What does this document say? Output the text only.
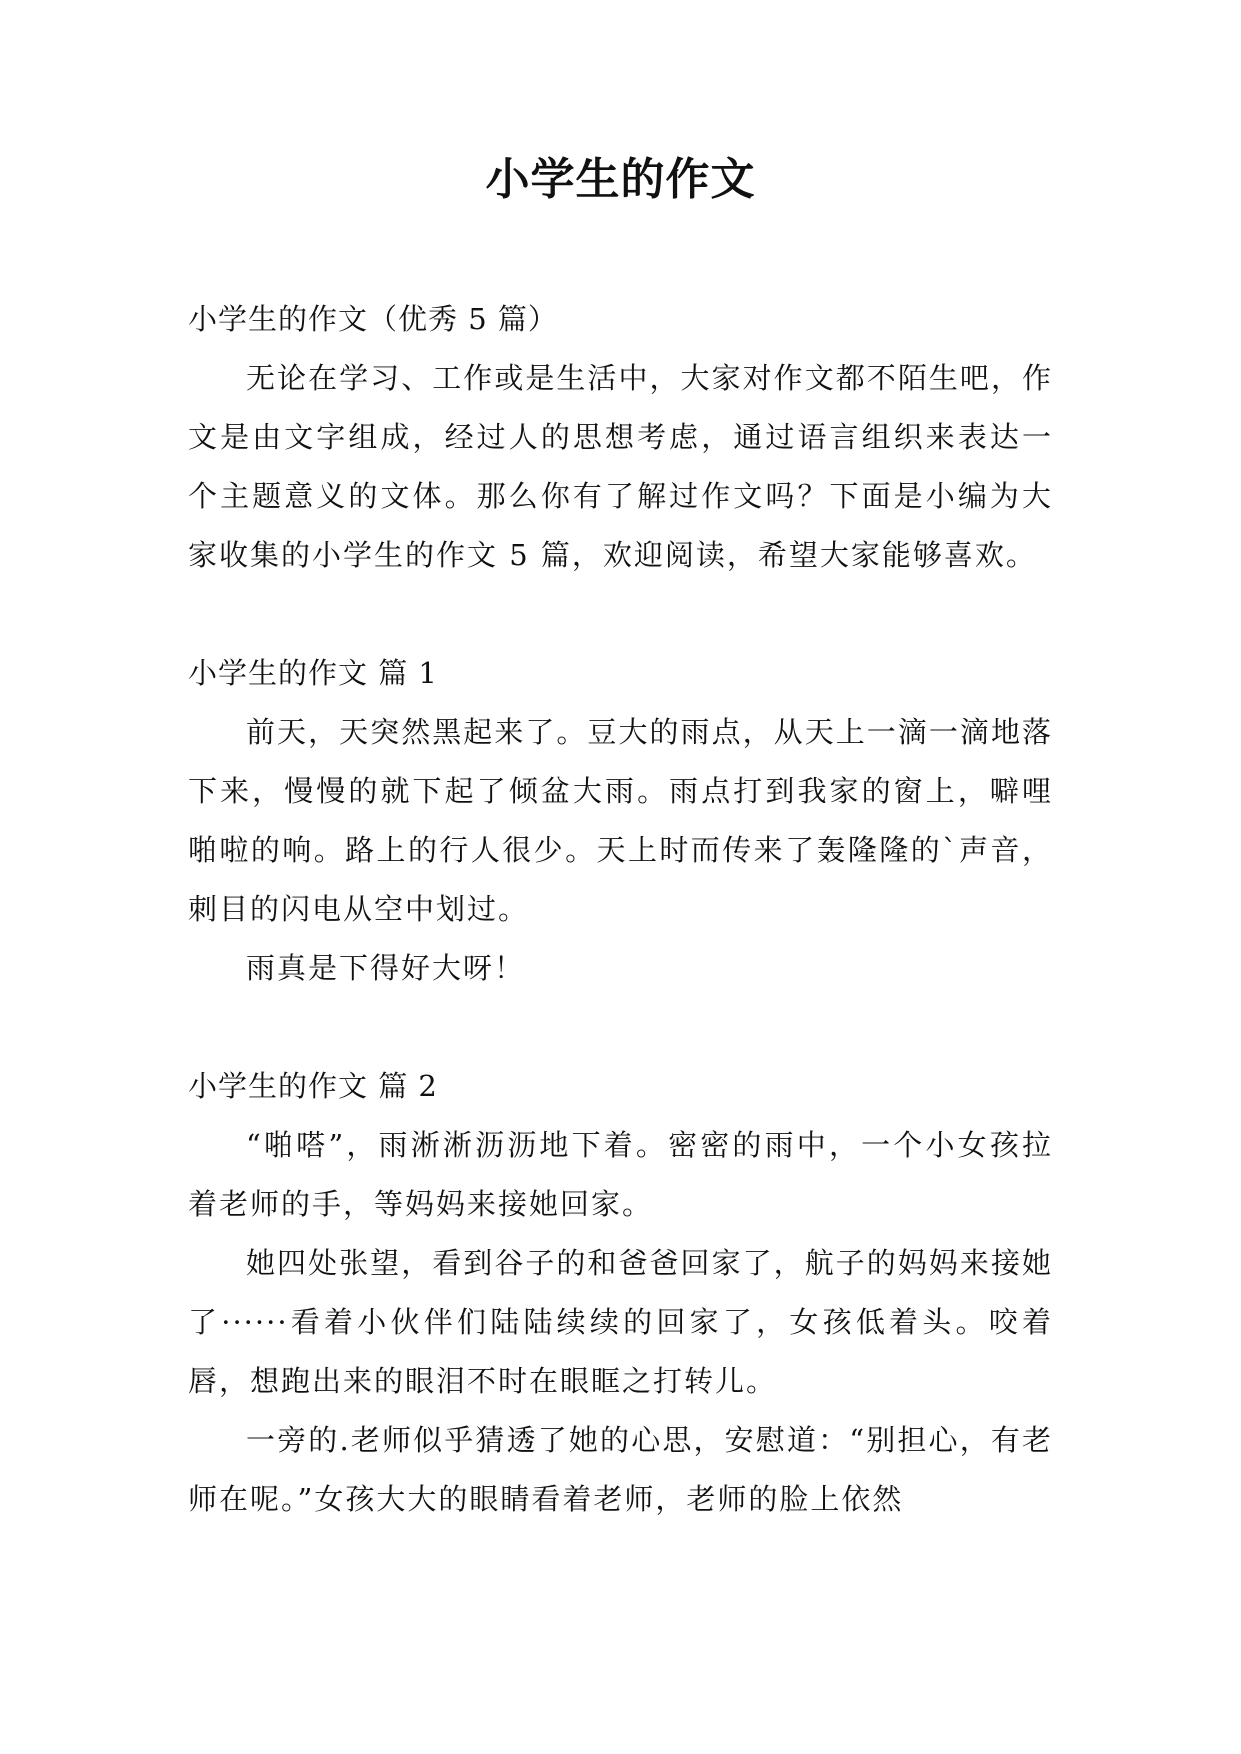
小学生的作文

小学生的作文（优秀 5 篇）

无论在学习、工作或是生活中，大家对作文都不陌生吧，作文是由文字组成，经过人的思想考虑，通过语言组织来表达一个主题意义的文体。那么你有了解过作文吗？下面是小编为大家收集的小学生的作文 5 篇，欢迎阅读，希望大家能够喜欢。

小学生的作文 篇 1

前天，天突然黑起来了。豆大的雨点，从天上一滴一滴地落下来，慢慢的就下起了倾盆大雨。雨点打到我家的窗上，噼哩啪啦的响。路上的行人很少。天上时而传来了轰隆隆的`声音，刺目的闪电从空中划过。

雨真是下得好大呀！

小学生的作文 篇 2

“啪嗒”，雨淅淅沥沥地下着。密密的雨中，一个小女孩拉着老师的手，等妈妈来接她回家。

她四处张望，看到谷子的和爸爸回家了，航子的妈妈来接她了······看着小伙伴们陆陆续续的回家了，女孩低着头。咬着唇，想跑出来的眼泪不时在眼眶之打转儿。

一旁的.老师似乎猜透了她的心思，安慰道：“别担心，有老师在呢。”女孩大大的眼睛看着老师，老师的脸上依然
